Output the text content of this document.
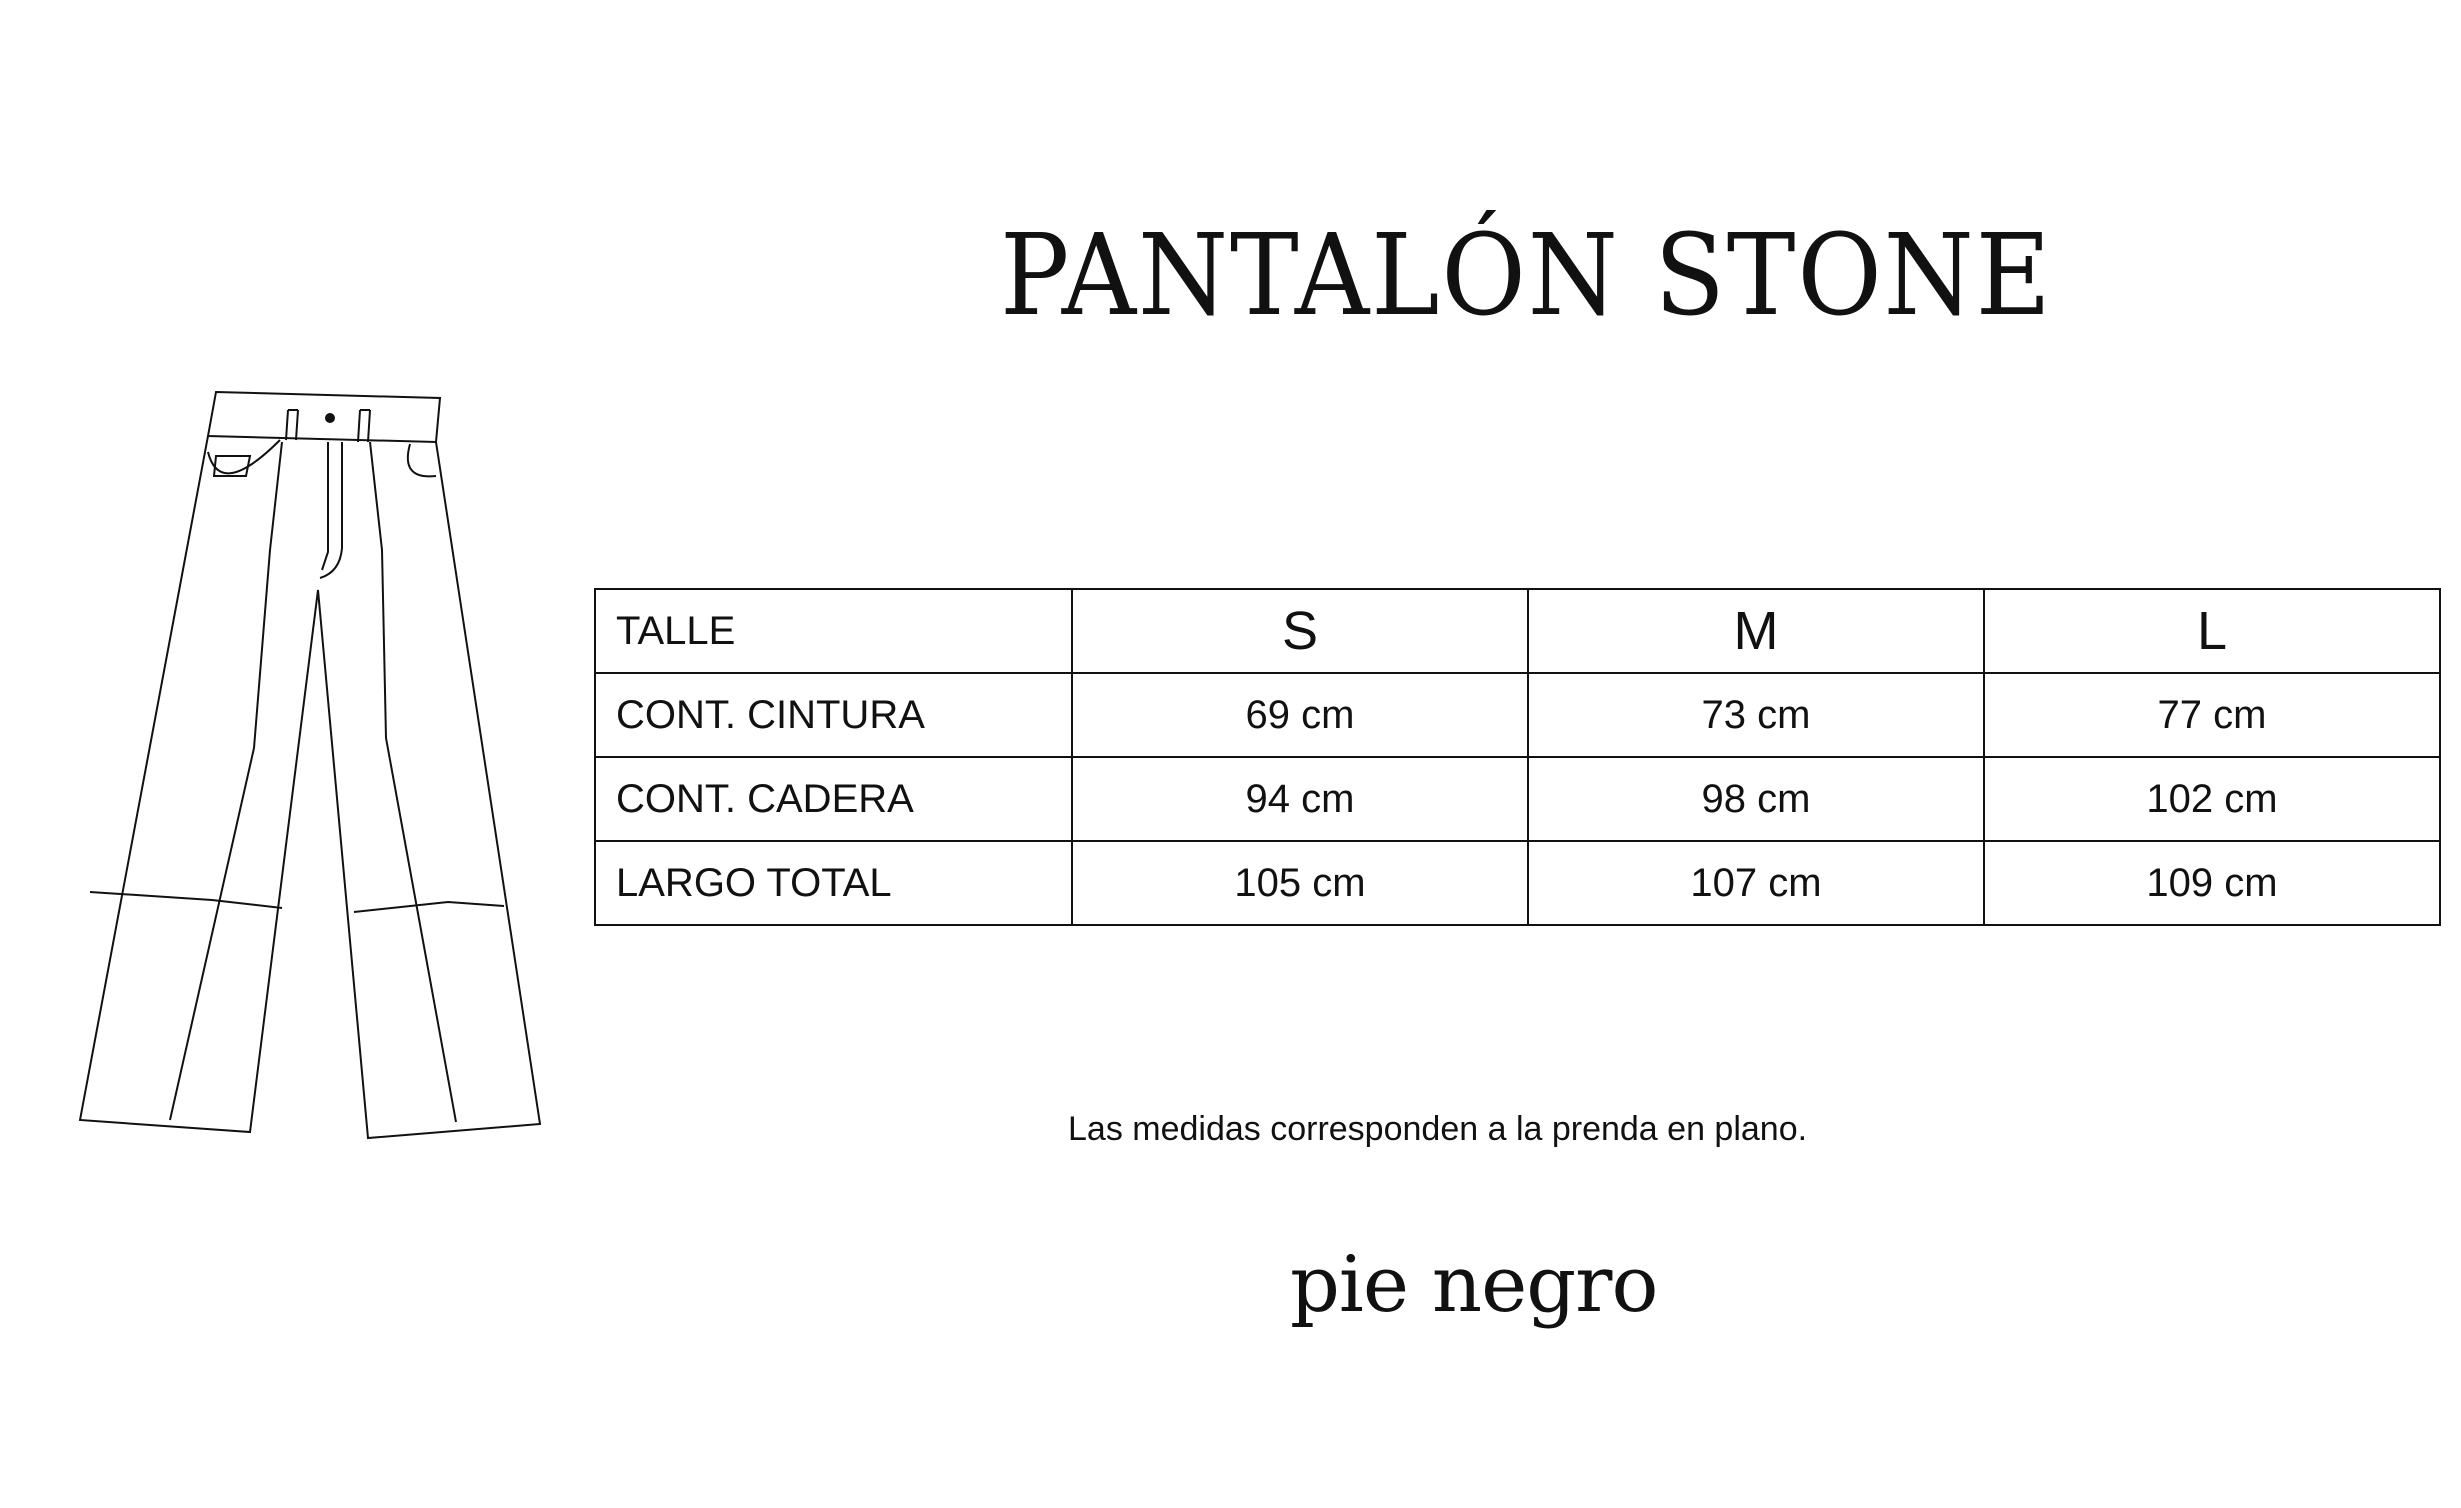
PANTALÓN STONE
TALLE	S	M	L
CONT. CINTURA	69 cm	73 cm	77 cm
CONT. CADERA	94 cm	98 cm	102 cm
LARGO TOTAL	105 cm	107 cm	109 cm
Las medidas corresponden a la prenda en plano.
pie negro
